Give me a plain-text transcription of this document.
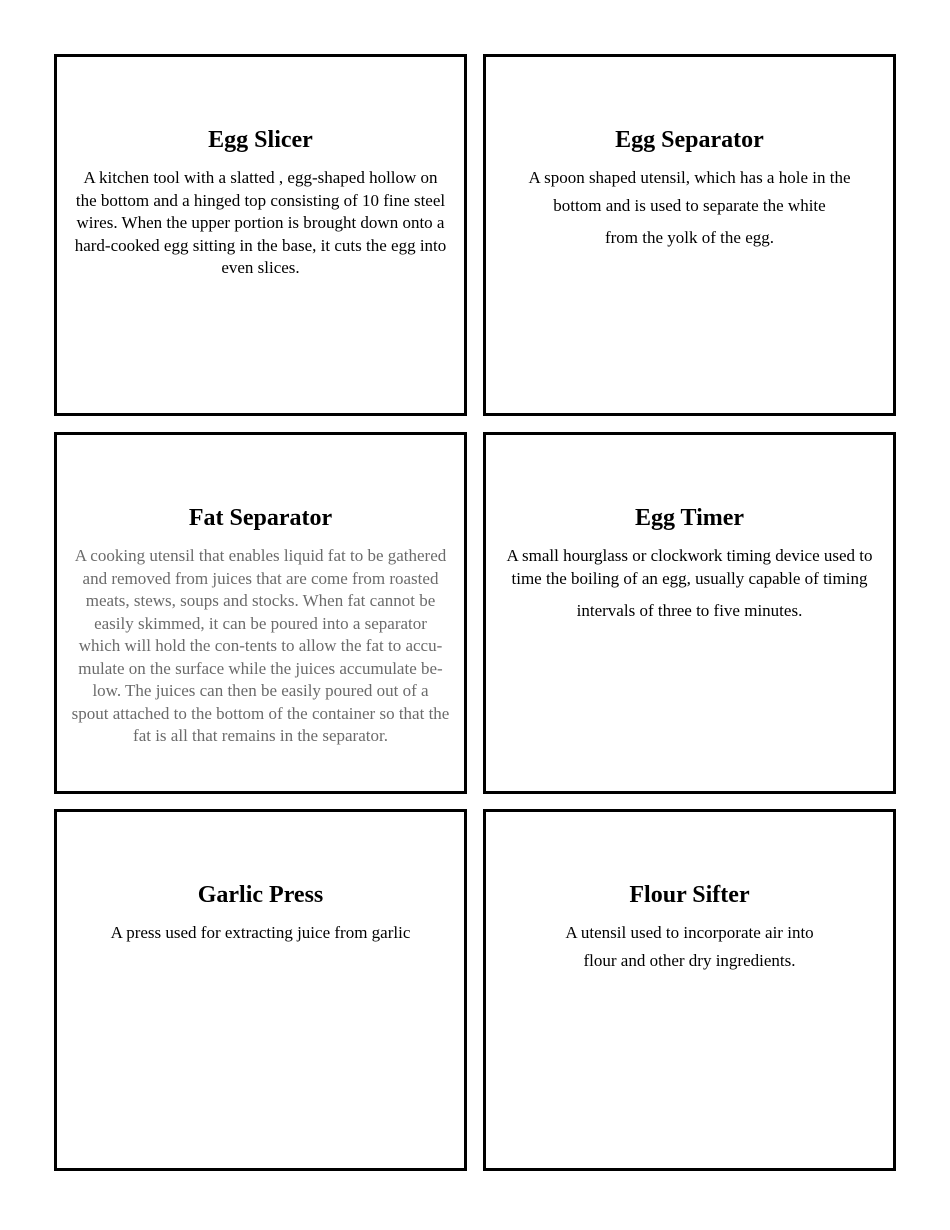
Egg Slicer
A kitchen tool with a slatted , egg-shaped hollow on
the bottom and a hinged top consisting of 10 fine steel
wires. When the upper portion is brought down onto a
hard-cooked egg sitting in the base, it cuts the egg into
even slices.
Egg Separator
A spoon shaped utensil, which has a hole in the
bottom and is used to separate the white
from the yolk of the egg.
Fat Separator
A cooking utensil that enables liquid fat to be gathered
and removed from juices that are come from roasted
meats, stews, soups and stocks. When fat cannot be
easily skimmed, it can be poured into a separator
which will hold the con-tents to allow the fat to accu-
mulate on the surface while the juices accumulate be-
low. The juices can then be easily poured out of a
spout attached to the bottom of the container so that the
fat is all that remains in the separator.
Egg Timer
A small hourglass or clockwork timing device used to
time the boiling of an egg, usually capable of timing
intervals of three to five minutes.
Garlic Press
A press used for extracting juice from garlic
Flour Sifter
A utensil used to incorporate air into
flour and other dry ingredients.
